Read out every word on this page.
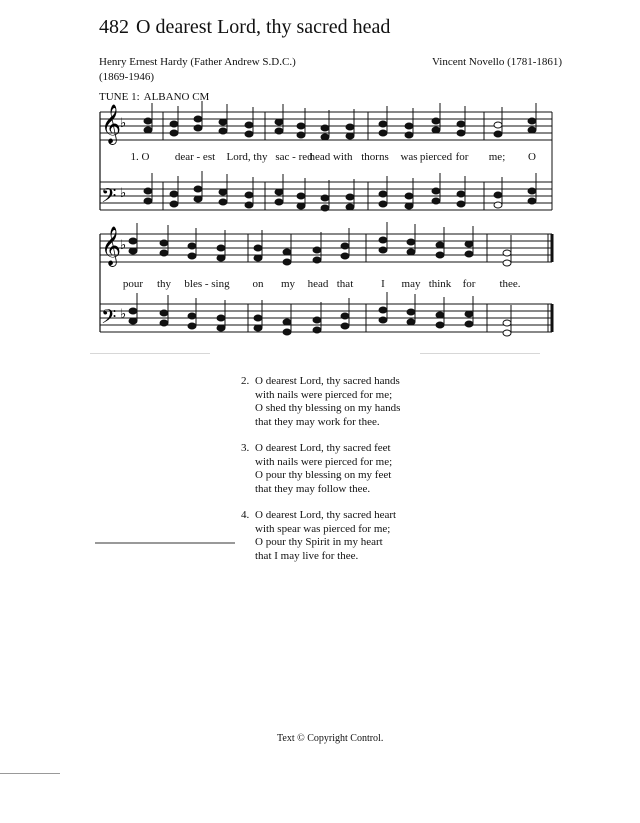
482 O dearest Lord, thy sacred head
Henry Ernest Hardy (Father Andrew S.D.C.)
(1869-1946)
Vincent Novello (1781-1861)
TUNE 1: ALBANO CM
𝄞
𝄢
𝄞
𝄢
♭
♭
♭
♭
1. O dear - est Lord, thy sac - red
head with thorns was pierced for me; O
pour thy bles - sing on my head that	I may think for thee.
2. O dearest Lord, thy sacred hands
with nails were pierced for me;
O shed thy blessing on my hands
that they may work for thee.
3. O dearest Lord, thy sacred feet
with nails were pierced for me;
O pour thy blessing on my feet
that they may follow thee.
4. O dearest Lord, thy sacred heart
with spear was pierced for me;
O pour thy Spirit in my heart
that I may live for thee.
Text © Copyright Control.
